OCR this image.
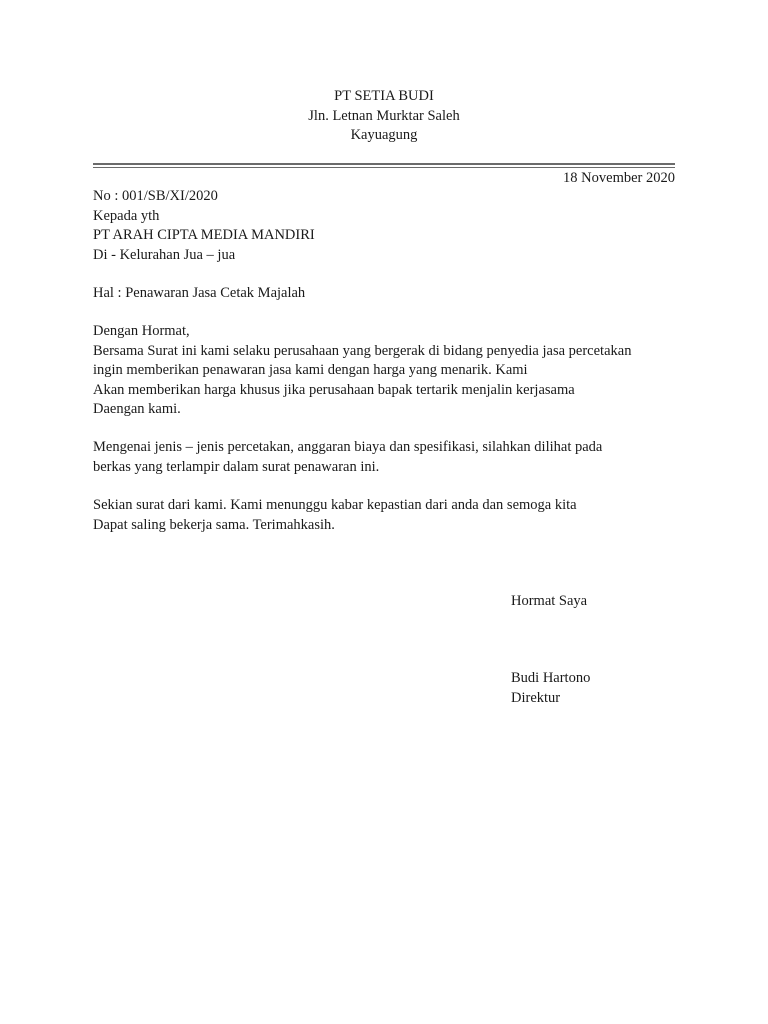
PT SETIA BUDI
Jln. Letnan Murktar Saleh
Kayuagung
18 November 2020
No : 001/SB/XI/2020
Kepada yth
PT ARAH CIPTA MEDIA MANDIRI
Di - Kelurahan Jua – jua
Hal : Penawaran Jasa Cetak Majalah
Dengan Hormat,
Bersama Surat ini kami selaku perusahaan yang bergerak di bidang penyedia jasa percetakan
ingin memberikan penawaran jasa kami dengan harga yang menarik. Kami
Akan memberikan harga khusus jika perusahaan bapak tertarik menjalin kerjasama
Daengan kami.
Mengenai jenis – jenis percetakan, anggaran biaya dan spesifikasi, silahkan dilihat pada
berkas yang terlampir dalam surat penawaran ini.
Sekian surat dari kami. Kami menunggu kabar kepastian dari anda dan semoga kita
Dapat saling bekerja sama. Terimahkasih.
Hormat Saya
Budi Hartono
Direktur
